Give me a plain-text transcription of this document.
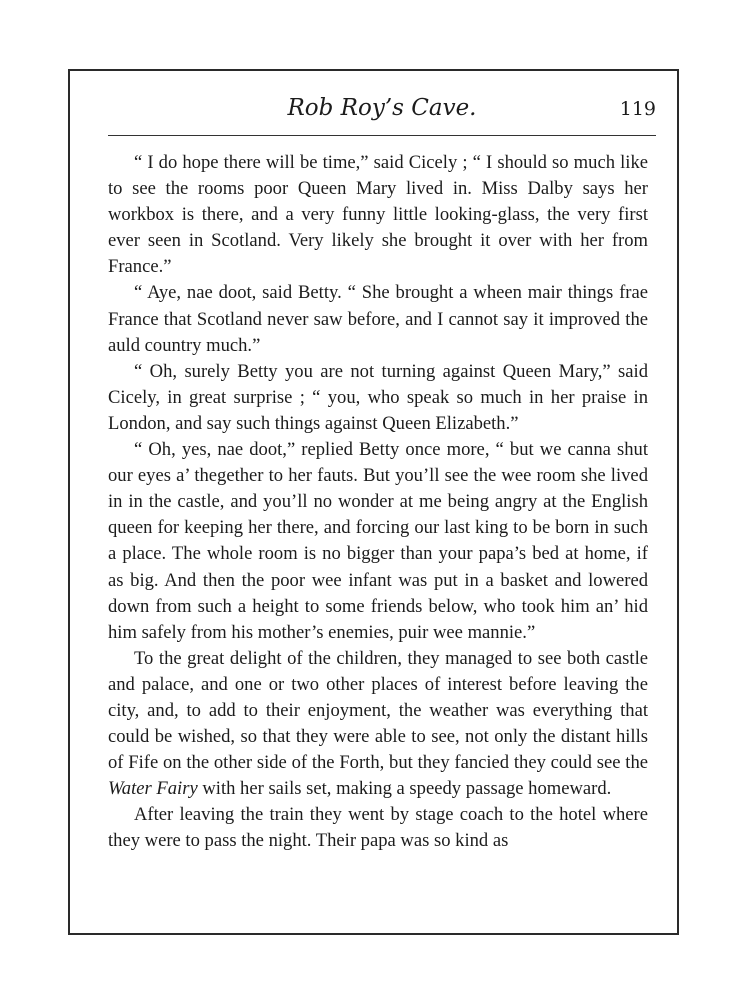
Rob Roy’s Cave.	119

“ I do hope there will be time,” said Cicely ; “ I should so much like to see the rooms poor Queen Mary lived in. Miss Dalby says her workbox is there, and a very funny little looking-glass, the very first ever seen in Scotland. Very likely she brought it over with her from France.”

“ Aye, nae doot, said Betty. “ She brought a wheen mair things frae France that Scotland never saw before, and I cannot say it improved the auld country much.”

“ Oh, surely Betty you are not turning against Queen Mary,” said Cicely, in great surprise ; “ you, who speak so much in her praise in London, and say such things against Queen Elizabeth.”

“ Oh, yes, nae doot,” replied Betty once more, “ but we canna shut our eyes a’ thegether to her fauts. But you’ll see the wee room she lived in in the castle, and you’ll no wonder at me being angry at the English queen for keeping her there, and forcing our last king to be born in such a place. The whole room is no bigger than your papa’s bed at home, if as big. And then the poor wee infant was put in a basket and lowered down from such a height to some friends below, who took him an’ hid him safely from his mother’s enemies, puir wee mannie.”

To the great delight of the children, they managed to see both castle and palace, and one or two other places of interest before leaving the city, and, to add to their enjoyment, the weather was everything that could be wished, so that they were able to see, not only the distant hills of Fife on the other side of the Forth, but they fancied they could see the Water Fairy with her sails set, making a speedy passage homeward.

After leaving the train they went by stage coach to the hotel where they were to pass the night. Their papa was so kind as
